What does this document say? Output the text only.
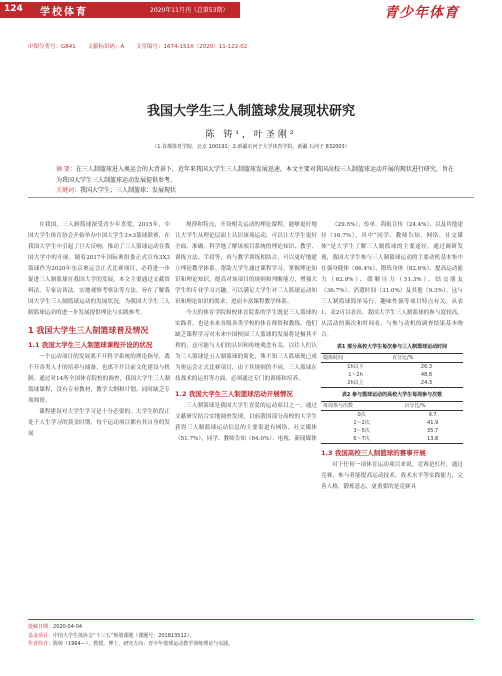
124 学校体育	2020年11月刊（总第53期）	青少年体育
中图分类号：G841 文献标识码：A 文章编号：1674-151X（2020）11-122-02
我国大学生三人制篮球发展现状研究
陈 铸¹，叶圣刚²
（1.首都体育学院，北京 100191；2.新疆石河子大学体育学院，新疆 石河子 832003）
摘 要：在三人制篮球进入奥运会的大背景下，近年来我国大学生三人制篮球发展迅速。本文主要对我国高校三人制篮球运动开展的现状进行研究，旨在为我国大学生三人制篮球运动发展提供参考。
关键词：我国大学生；三人制篮球；发展现状

在我国，三人制篮球深受青少年喜爱。2015年，中国大学生体育协会开始举办中国大学生3×3篮球联赛，在我国大学生中引起了巨大反响，推动了三人篮球运动在我国大学中的开展。随着2017年国际奥组委正式宣布3X3篮球作为2020年东京奥运会正式比赛项目，必将进一步促进三人制篮球在我国大学的发展。本文主要通过文献资料法、专家访谈法、实地观察考察法等方法，旨在了解我国大学生三人制篮球运动的发展状况，为我国大学生三人制篮球运动的进一步发展提供理论与实践参考。

1 我国大学生三人制篮球普及情况
1.1 我国大学生三人制篮球课程开设的状况

一个运动项目的发展离不开科学系统的理论指导，离不开各类人才的培养与储备，也离不开目前文化建设与机制。通过对14所全国体育院校的调查，我国大学生三人制篮球课程，没有专业教材，教学大纲和计划，同时缺乏专项师资。

课程建设对大学生学习是十分必要的。大学生阶段正处于人生学习的黄金时期，每个运动项目都有其自身的发展

规律和特点，开设相关运动的理论课程，能够更好地让大学生从理论层面上认识该项运动，可以让大学生更好全面、准确、科学地了解该项目系统的理论知识、教学、训练方法、手段等，再与教学训练相结合，可以更好地建立理论教学体系。帮助大学生通过课程学习，掌握理论知识和理论知识，提高对该项目的规则和判断能力，增强大学生的专业学习兴趣，可以满足大学生对三人篮球运动知识和理论知识的渴求，进而丰富课程教学体系。

今天的体育学院和校体育院系的学生既是三人篮球的实践者，也是未来各级各类学校的体育师资和教练，他们缺乏课程学习对未来中国校园三人篮球的发展将是极其不利的，这可能与人们的认识和传统观念有关，以往人们认为三人篮球是五人制篮球的简化，殊不知三人篮球现已成为奥运会正式比赛项目，由于其规则的不同，三人篮球在技战术的运用等方面，必须通过专门的训练和培养。

1.2 我国大学生三人制篮球活动开展情况

三人制篮球是我国大学生喜爱的运动项目之一，通过文献研究结合实地调查发现，目前我国部分高校的大学生获得三人制篮球运动信息的主要渠道有网络、社交媒体（51.7%）、同学、教师告知（64.0%）、电视、新闻媒体

（29.5%）、传单、海报宣传（24.4%）、以及其他途径（16.7%）。其中“同学、教师告知、网络、社交媒体”是大学生了解三人制篮球的主要途径。通过调研发现，我国大学生参与三人制篮球运动的主要动机基本集中在强身健体（86.4%）、锻炼身体（82.6%）、提高运动能力（62.9%）、缓解压力（51.3%）、结交朋友（36.7%）、消遣时间（31.0%）及其他（9.3%）。这与三人制篮球简单易行、趣味性强等项目特点有关。从表1、表2可以看出，我国大学生三人制篮球的参与度较高，从活动的频次和时间看，与参与动机的调查结果基本吻合。

表1 部分高校大学生每次参与三人制篮球运动时间
锻炼时间	百分比/%
1h以下	26.3
1～2h	48.8
2h以上	24.3
表2 参与篮球运动的高校大学生每周参与次数
每周参与次数	百分比/%
0次	9.7
1～2次	41.9
3～5次	35.7
6～7次	13.8
1.3 我国高校三人制篮球的赛事开展

对于任何一项体育运动项目来说，竞赛是杠杆，通过竞赛，参与者能提高运动技术、战术水平等实践能力，完善人格，锻炼意志，更重要的是竞赛具

投稿日期：2020-04-04
基金项目：中国大学生体协会“十三五”规划课题（课题号：201813512）。
作者简介：陈铸（1964—），教授，博士，研究方向：青少年篮球运动教学训练理论与实践。
